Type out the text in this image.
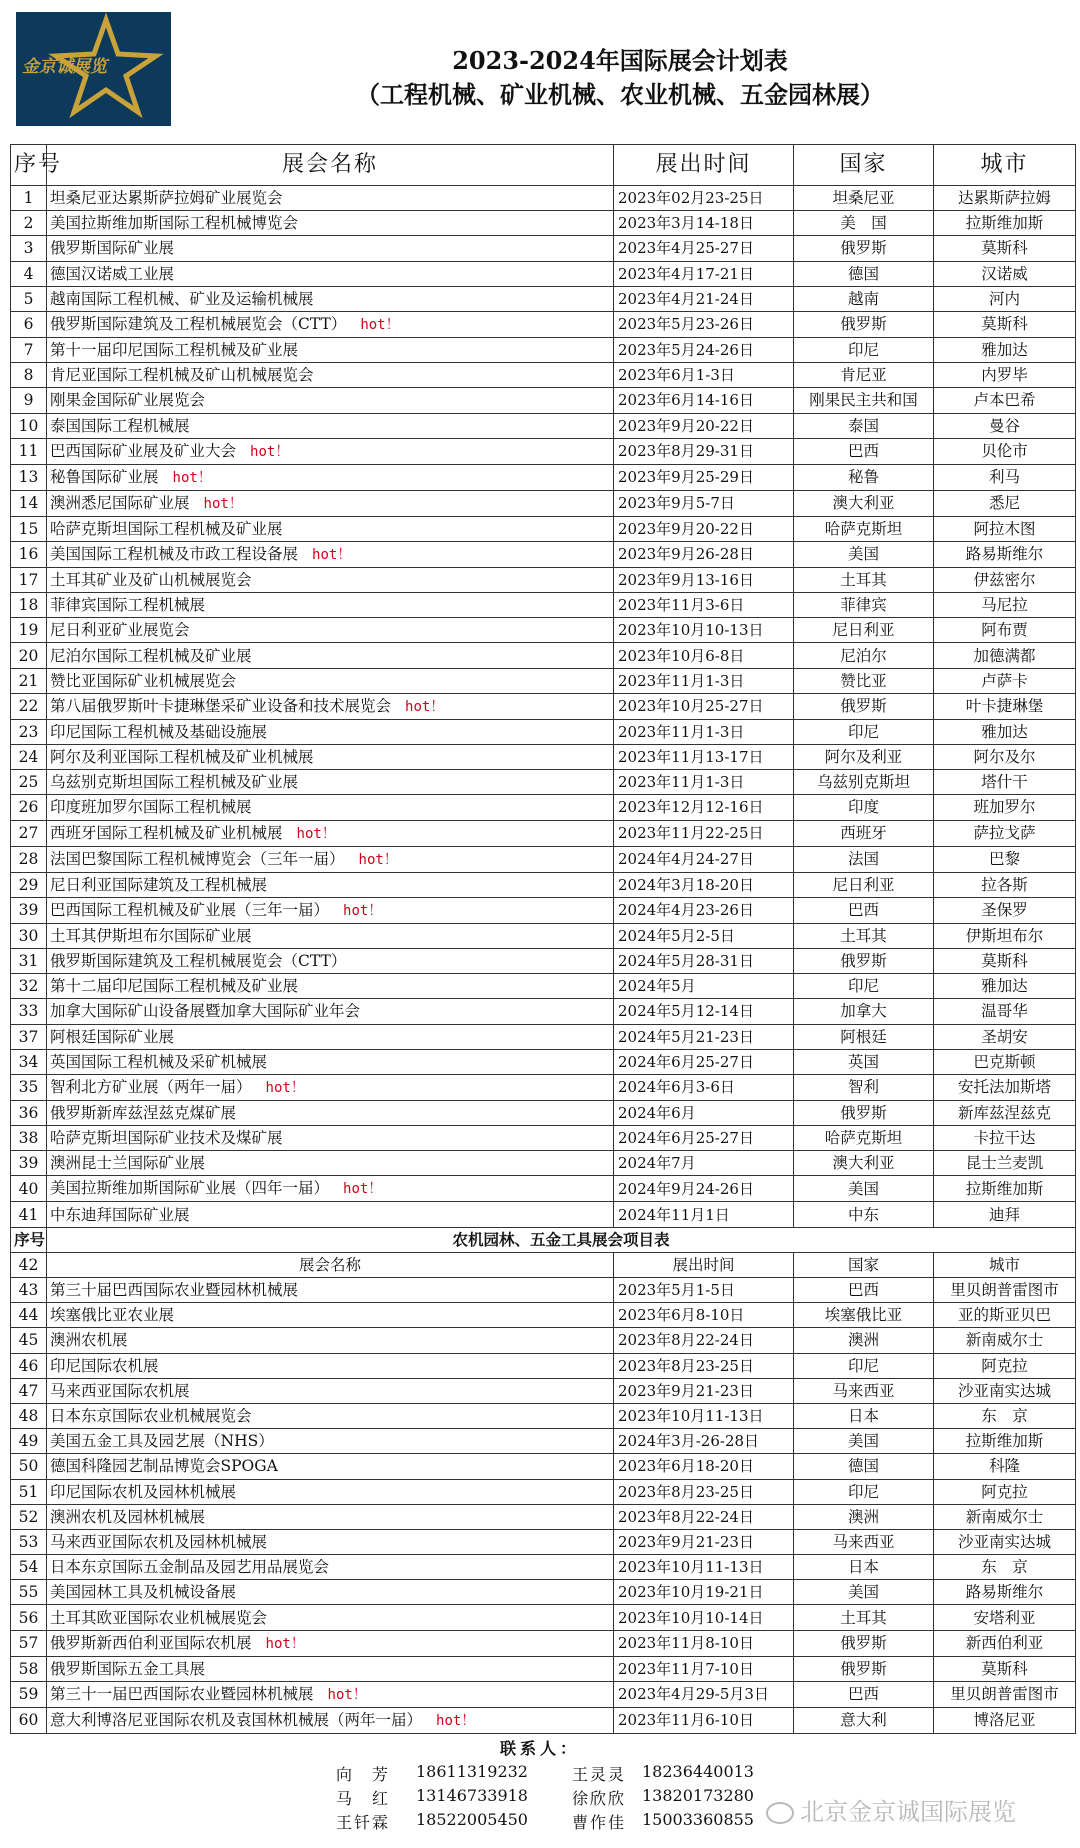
金京诚展览	2023-2024年国际展会计划表
（工程机械、矿业机械、农业机械、五金园林展）
序号	展会名称	展出时间	国家	城市
1	坦桑尼亚达累斯萨拉姆矿业展览会	2023年02月23-25日	坦桑尼亚	达累斯萨拉姆
2	美国拉斯维加斯国际工程机械博览会	2023年3月14-18日	美　国	拉斯维加斯
3	俄罗斯国际矿业展	2023年4月25-27日	俄罗斯	莫斯科
4	德国汉诺威工业展	2023年4月17-21日	德国	汉诺威
5	越南国际工程机械、矿业及运输机械展	2023年4月21-24日	越南	河内
6	俄罗斯国际建筑及工程机械展览会（CTT） hot！	2023年5月23-26日	俄罗斯	莫斯科
7	第十一届印尼国际工程机械及矿业展	2023年5月24-26日	印尼	雅加达
8	肯尼亚国际工程机械及矿山机械展览会	2023年6月1-3日	肯尼亚	内罗毕
9	刚果金国际矿业展览会	2023年6月14-16日	刚果民主共和国	卢本巴希
10	泰国国际工程机械展	2023年9月20-22日	泰国	曼谷
11	巴西国际矿业展及矿业大会 hot！	2023年8月29-31日	巴西	贝伦市
13	秘鲁国际矿业展 hot！	2023年9月25-29日	秘鲁	利马
14	澳洲悉尼国际矿业展 hot！	2023年9月5-7日	澳大利亚	悉尼
15	哈萨克斯坦国际工程机械及矿业展	2023年9月20-22日	哈萨克斯坦	阿拉木图
16	美国国际工程机械及市政工程设备展 hot！	2023年9月26-28日	美国	路易斯维尔
17	土耳其矿业及矿山机械展览会	2023年9月13-16日	土耳其	伊兹密尔
18	菲律宾国际工程机械展	2023年11月3-6日	菲律宾	马尼拉
19	尼日利亚矿业展览会	2023年10月10-13日	尼日利亚	阿布贾
20	尼泊尔国际工程机械及矿业展	2023年10月6-8日	尼泊尔	加德满都
21	赞比亚国际矿业机械展览会	2023年11月1-3日	赞比亚	卢萨卡
22	第八届俄罗斯叶卡捷琳堡采矿业设备和技术展览会 hot！	2023年10月25-27日	俄罗斯	叶卡捷琳堡
23	印尼国际工程机械及基础设施展	2023年11月1-3日	印尼	雅加达
24	阿尔及利亚国际工程机械及矿业机械展	2023年11月13-17日	阿尔及利亚	阿尔及尔
25	乌兹别克斯坦国际工程机械及矿业展	2023年11月1-3日	乌兹别克斯坦	塔什干
26	印度班加罗尔国际工程机械展	2023年12月12-16日	印度	班加罗尔
27	西班牙国际工程机械及矿业机械展 hot！	2023年11月22-25日	西班牙	萨拉戈萨
28	法国巴黎国际工程机械博览会（三年一届） hot！	2024年4月24-27日	法国	巴黎
29	尼日利亚国际建筑及工程机械展	2024年3月18-20日	尼日利亚	拉各斯
39	巴西国际工程机械及矿业展（三年一届） hot！	2024年4月23-26日	巴西	圣保罗
30	土耳其伊斯坦布尔国际矿业展	2024年5月2-5日	土耳其	伊斯坦布尔
31	俄罗斯国际建筑及工程机械展览会（CTT）	2024年5月28-31日	俄罗斯	莫斯科
32	第十二届印尼国际工程机械及矿业展	2024年5月	印尼	雅加达
33	加拿大国际矿山设备展暨加拿大国际矿业年会	2024年5月12-14日	加拿大	温哥华
37	阿根廷国际矿业展	2024年5月21-23日	阿根廷	圣胡安
34	英国国际工程机械及采矿机械展	2024年6月25-27日	英国	巴克斯顿
35	智利北方矿业展（两年一届） hot！	2024年6月3-6日	智利	安托法加斯塔
36	俄罗斯新库兹涅兹克煤矿展	2024年6月	俄罗斯	新库兹涅兹克
38	哈萨克斯坦国际矿业技术及煤矿展	2024年6月25-27日	哈萨克斯坦	卡拉干达
39	澳洲昆士兰国际矿业展	2024年7月	澳大利亚	昆士兰麦凯
40	美国拉斯维加斯国际矿业展（四年一届） hot！	2024年9月24-26日	美国	拉斯维加斯
41	中东迪拜国际矿业展	2024年11月1日	中东	迪拜
序号	农机园林、五金工具展会项目表			
42	展会名称	展出时间	国家	城市
43	第三十届巴西国际农业暨园林机械展	2023年5月1-5日	巴西	里贝朗普雷图市
44	埃塞俄比亚农业展	2023年6月8-10日	埃塞俄比亚	亚的斯亚贝巴
45	澳洲农机展	2023年8月22-24日	澳洲	新南威尔士
46	印尼国际农机展	2023年8月23-25日	印尼	阿克拉
47	马来西亚国际农机展	2023年9月21-23日	马来西亚	沙亚南实达城
48	日本东京国际农业机械展览会	2023年10月11-13日	日本	东　京
49	美国五金工具及园艺展（NHS）	2024年3月-26-28日	美国	拉斯维加斯
50	德国科隆园艺制品博览会SPOGA	2023年6月18-20日	德国	科隆
51	印尼国际农机及园林机械展	2023年8月23-25日	印尼	阿克拉
52	澳洲农机及园林机械展	2023年8月22-24日	澳洲	新南威尔士
53	马来西亚国际农机及园林机械展	2023年9月21-23日	马来西亚	沙亚南实达城
54	日本东京国际五金制品及园艺用品展览会	2023年10月11-13日	日本	东　京
55	美国园林工具及机械设备展	2023年10月19-21日	美国	路易斯维尔
56	土耳其欧亚国际农业机械展览会	2023年10月10-14日	土耳其	安塔利亚
57	俄罗斯新西伯利亚国际农机展 hot！	2023年11月8-10日	俄罗斯	新西伯利亚
58	俄罗斯国际五金工具展	2023年11月7-10日	俄罗斯	莫斯科
59	第三十一届巴西国际农业暨园林机械展 hot！	2023年4月29-5月3日	巴西	里贝朗普雷图市
60	意大利博洛尼亚国际农机及袁国林机械展（两年一届） hot！	2023年11月6-10日	意大利	博洛尼亚
联系人：
向　芳	18611319232	王灵灵 18236440013
马　红	13146733918	徐欣欣 13820173280
王钎霖	18522005450	曹作佳 15003360855	北京金京诚国际展览
